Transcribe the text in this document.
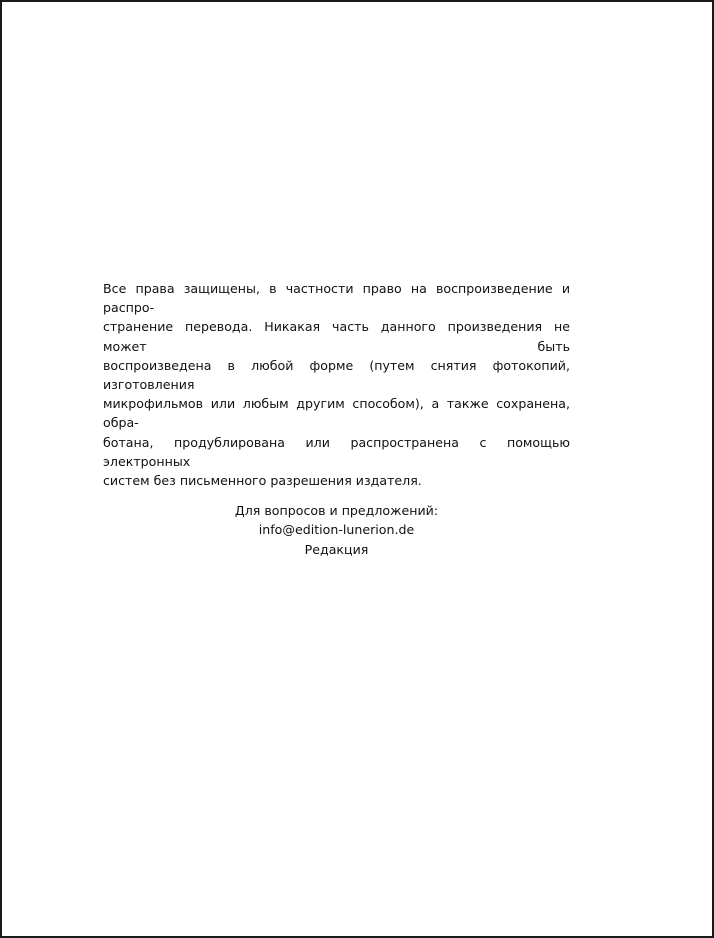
Все права защищены, в частности право на воспроизведение и распро-
странение перевода. Никакая часть данного произведения не может быть
воспроизведена в любой форме (путем снятия фотокопий, изготовления
микрофильмов или любым другим способом), а также сохранена, обра-
ботана, продублирована или распространена с помощью электронных
систем без письменного разрешения издателя.

Для вопросов и предложений:
info@edition-lunerion.de
Редакция
